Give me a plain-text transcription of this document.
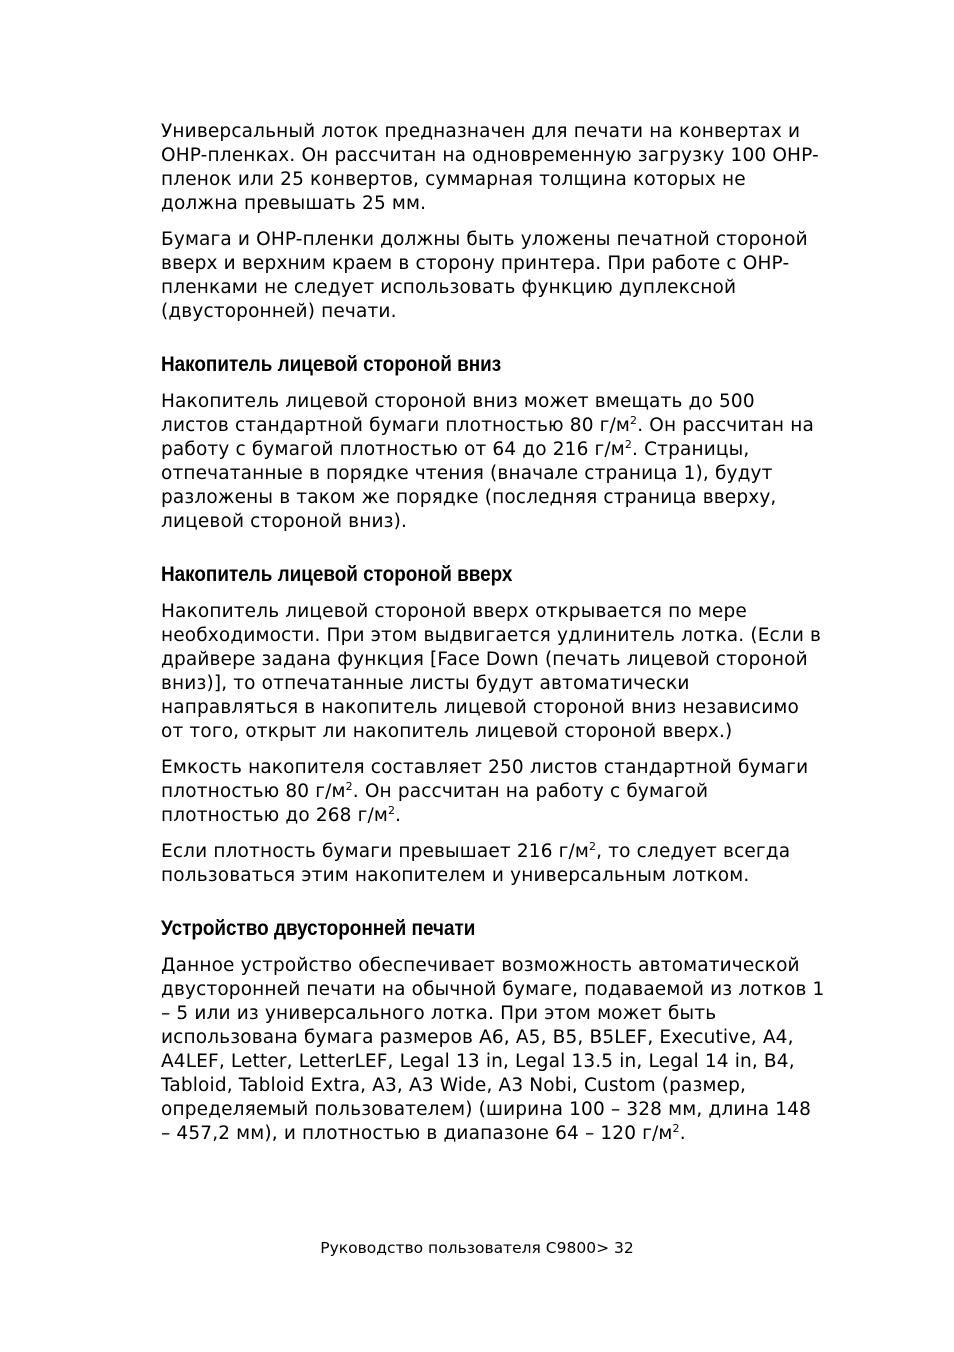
Универсальный лоток предназначен для печати на конвертах и OHP-пленках. Он рассчитан на одновременную загрузку 100 OHP-пленок или 25 конвертов, суммарная толщина которых не должна превышать 25 мм.

Бумага и OHP-пленки должны быть уложены печатной стороной вверх и верхним краем в сторону принтера. При работе с OHP-пленками не следует использовать функцию дуплексной (двусторонней) печати.

Накопитель лицевой стороной вниз

Накопитель лицевой стороной вниз может вмещать до 500 листов стандартной бумаги плотностью 80 $г/м^2$. Он рассчитан на работу с бумагой плотностью от 64 до 216 $г/м^2$. Страницы, отпечатанные в порядке чтения (вначале страница 1), будут разложены в таком же порядке (последняя страница вверху, лицевой стороной вниз).

Накопитель лицевой стороной вверх

Накопитель лицевой стороной вверх открывается по мере необходимости. При этом выдвигается удлинитель лотка. (Если в драйвере задана функция [Face Down (печать лицевой стороной вниз)], то отпечатанные листы будут автоматически направляться в накопитель лицевой стороной вниз независимо от того, открыт ли накопитель лицевой стороной вверх.)

Емкость накопителя составляет 250 листов стандартной бумаги плотностью 80 $г/м^2$. Он рассчитан на работу с бумагой плотностью до 268 $г/м^2$.

Если плотность бумаги превышает 216 $г/м^2$, то следует всегда пользоваться этим накопителем и универсальным лотком.

Устройство двусторонней печати

Данное устройство обеспечивает возможность автоматической двусторонней печати на обычной бумаге, подаваемой из лотков 1 – 5 или из универсального лотка. При этом может быть использована бумага размеров A6, A5, B5, B5LEF, Executive, A4, A4LEF, Letter, LetterLEF, Legal 13 in, Legal 13.5 in, Legal 14 in, B4, Tabloid, Tabloid Extra, A3, A3 Wide, A3 Nobi, Custom (размер, определяемый пользователем) (ширина 100 – 328 мм, длина 148 – 457,2 мм), и плотностью в диапазоне 64 – 120 $г/м^2$.

Руководство пользователя C9800> 32
